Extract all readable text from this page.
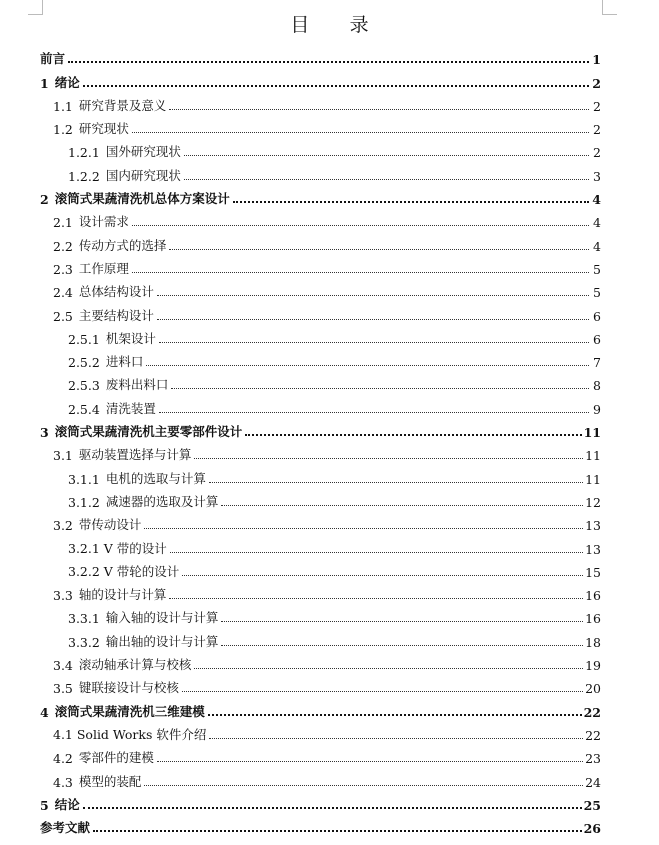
目 录
前言	1
1 绪论	2
1.1 研究背景及意义	2
1.2 研究现状	2
1.2.1 国外研究现状	2
1.2.2 国内研究现状	3
2 滚筒式果蔬清洗机总体方案设计	4
2.1 设计需求	4
2.2 传动方式的选择	4
2.3 工作原理	5
2.4 总体结构设计	5
2.5 主要结构设计	6
2.5.1 机架设计	6
2.5.2 进料口	7
2.5.3 废料出料口	8
2.5.4 清洗装置	9
3 滚筒式果蔬清洗机主要零部件设计	11
3.1 驱动装置选择与计算	11
3.1.1 电机的选取与计算	11
3.1.2 减速器的选取及计算	12
3.2 带传动设计	13
3.2.1 V 带的设计	13
3.2.2 V 带轮的设计	15
3.3 轴的设计与计算	16
3.3.1 输入轴的设计与计算	16
3.3.2 输出轴的设计与计算	18
3.4 滚动轴承计算与校核	19
3.5 键联接设计与校核	20
4 滚筒式果蔬清洗机三维建模	22
4.1 Solid Works 软件介绍	22
4.2 零部件的建模	23
4.3 模型的装配	24
5 结论	25
参考文献	26
